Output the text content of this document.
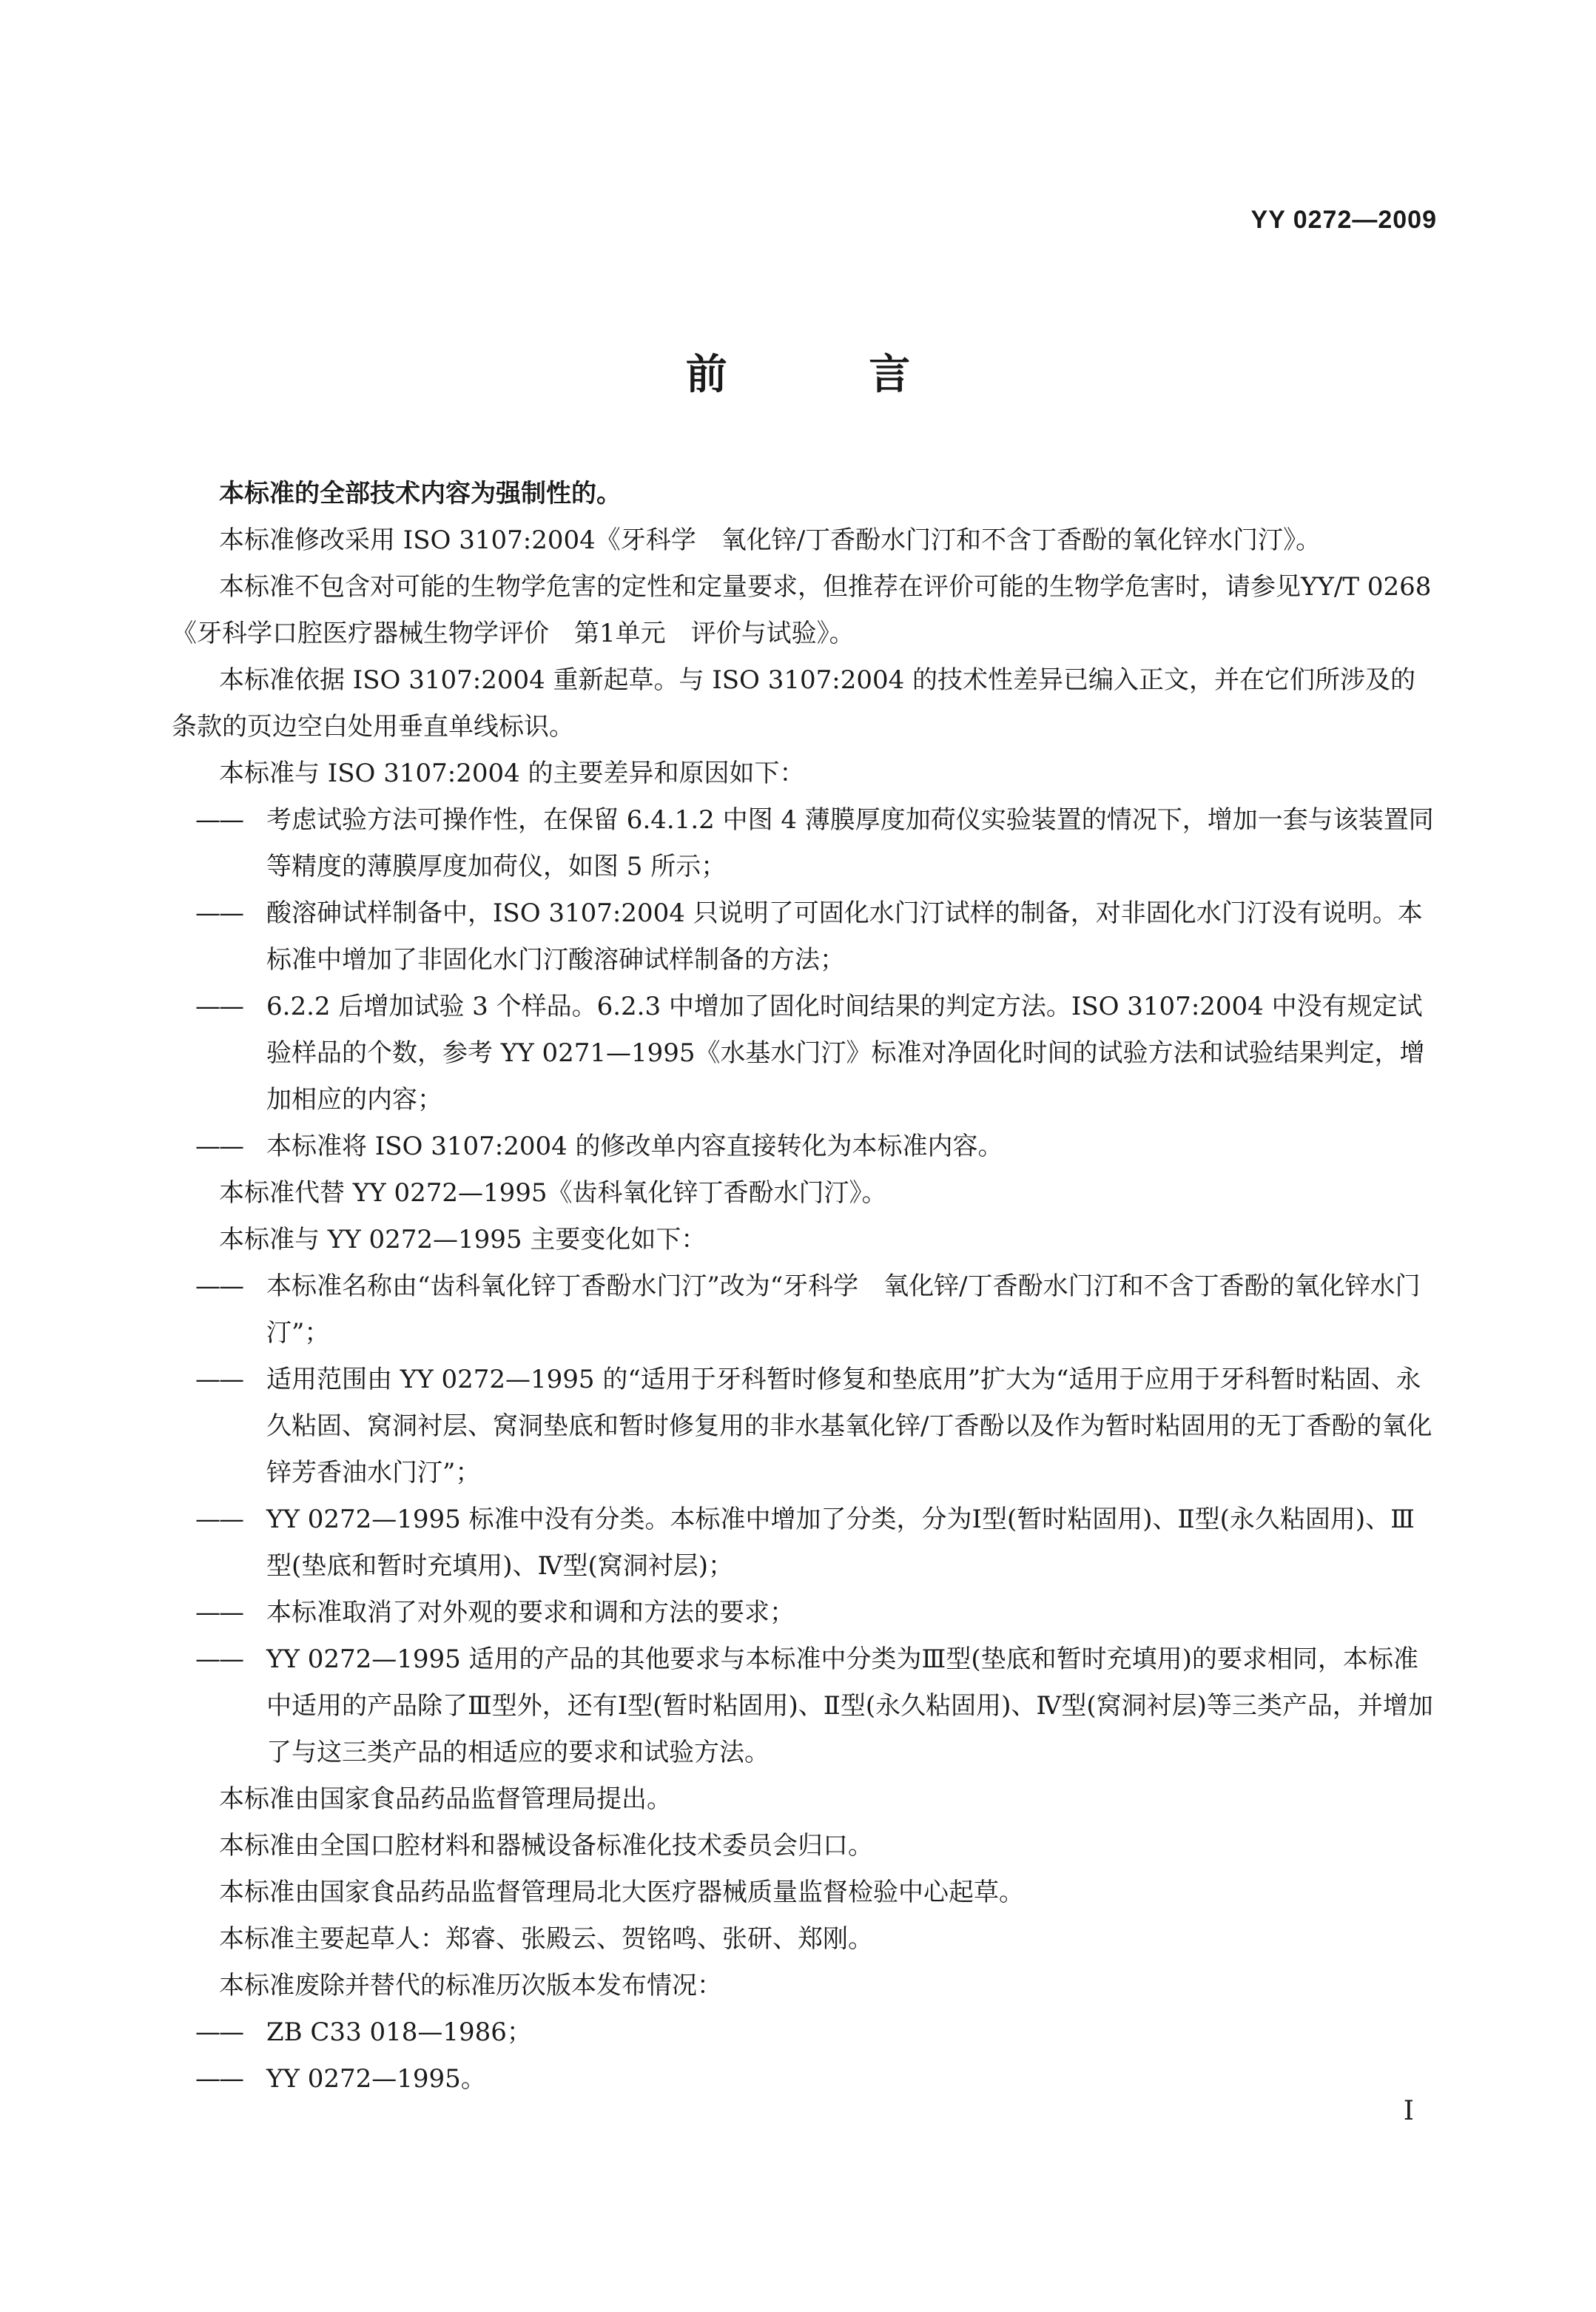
YY 0272—2009
前 言

本标准的全部技术内容为强制性的。

本标准修改采用 ISO 3107:2004《牙科学　氧化锌/丁香酚水门汀和不含丁香酚的氧化锌水门汀》。

本标准不包含对可能的生物学危害的定性和定量要求，但推荐在评价可能的生物学危害时，请参见YY/T 0268《牙科学口腔医疗器械生物学评价　第1单元　评价与试验》。

本标准依据 ISO 3107:2004 重新起草。与 ISO 3107:2004 的技术性差异已编入正文，并在它们所涉及的条款的页边空白处用垂直单线标识。

本标准与 ISO 3107:2004 的主要差异和原因如下：

—— 考虑试验方法可操作性，在保留 6.4.1.2 中图 4 薄膜厚度加荷仪实验装置的情况下，增加一套与该装置同等精度的薄膜厚度加荷仪，如图 5 所示；

—— 酸溶砷试样制备中，ISO 3107:2004 只说明了可固化水门汀试样的制备，对非固化水门汀没有说明。本标准中增加了非固化水门汀酸溶砷试样制备的方法；

—— 6.2.2 后增加试验 3 个样品。6.2.3 中增加了固化时间结果的判定方法。ISO 3107:2004 中没有规定试验样品的个数，参考 YY 0271—1995《水基水门汀》标准对净固化时间的试验方法和试验结果判定，增加相应的内容；

—— 本标准将 ISO 3107:2004 的修改单内容直接转化为本标准内容。

本标准代替 YY 0272—1995《齿科氧化锌丁香酚水门汀》。

本标准与 YY 0272—1995 主要变化如下：

—— 本标准名称由“齿科氧化锌丁香酚水门汀”改为“牙科学　氧化锌/丁香酚水门汀和不含丁香酚的氧化锌水门汀”；

—— 适用范围由 YY 0272—1995 的“适用于牙科暂时修复和垫底用”扩大为“适用于应用于牙科暂时粘固、永久粘固、窝洞衬层、窝洞垫底和暂时修复用的非水基氧化锌/丁香酚以及作为暂时粘固用的无丁香酚的氧化锌芳香油水门汀”；

—— YY 0272—1995 标准中没有分类。本标准中增加了分类，分为Ⅰ型(暂时粘固用)、Ⅱ型(永久粘固用)、Ⅲ型(垫底和暂时充填用)、Ⅳ型(窝洞衬层)；

—— 本标准取消了对外观的要求和调和方法的要求；

—— YY 0272—1995 适用的产品的其他要求与本标准中分类为Ⅲ型(垫底和暂时充填用)的要求相同，本标准中适用的产品除了Ⅲ型外，还有Ⅰ型(暂时粘固用)、Ⅱ型(永久粘固用)、Ⅳ型(窝洞衬层)等三类产品，并增加了与这三类产品的相适应的要求和试验方法。

本标准由国家食品药品监督管理局提出。

本标准由全国口腔材料和器械设备标准化技术委员会归口。

本标准由国家食品药品监督管理局北大医疗器械质量监督检验中心起草。

本标准主要起草人：郑睿、张殿云、贺铭鸣、张研、郑刚。

本标准废除并替代的标准历次版本发布情况：

—— ZB C33 018—1986；

—— YY 0272—1995。

I
